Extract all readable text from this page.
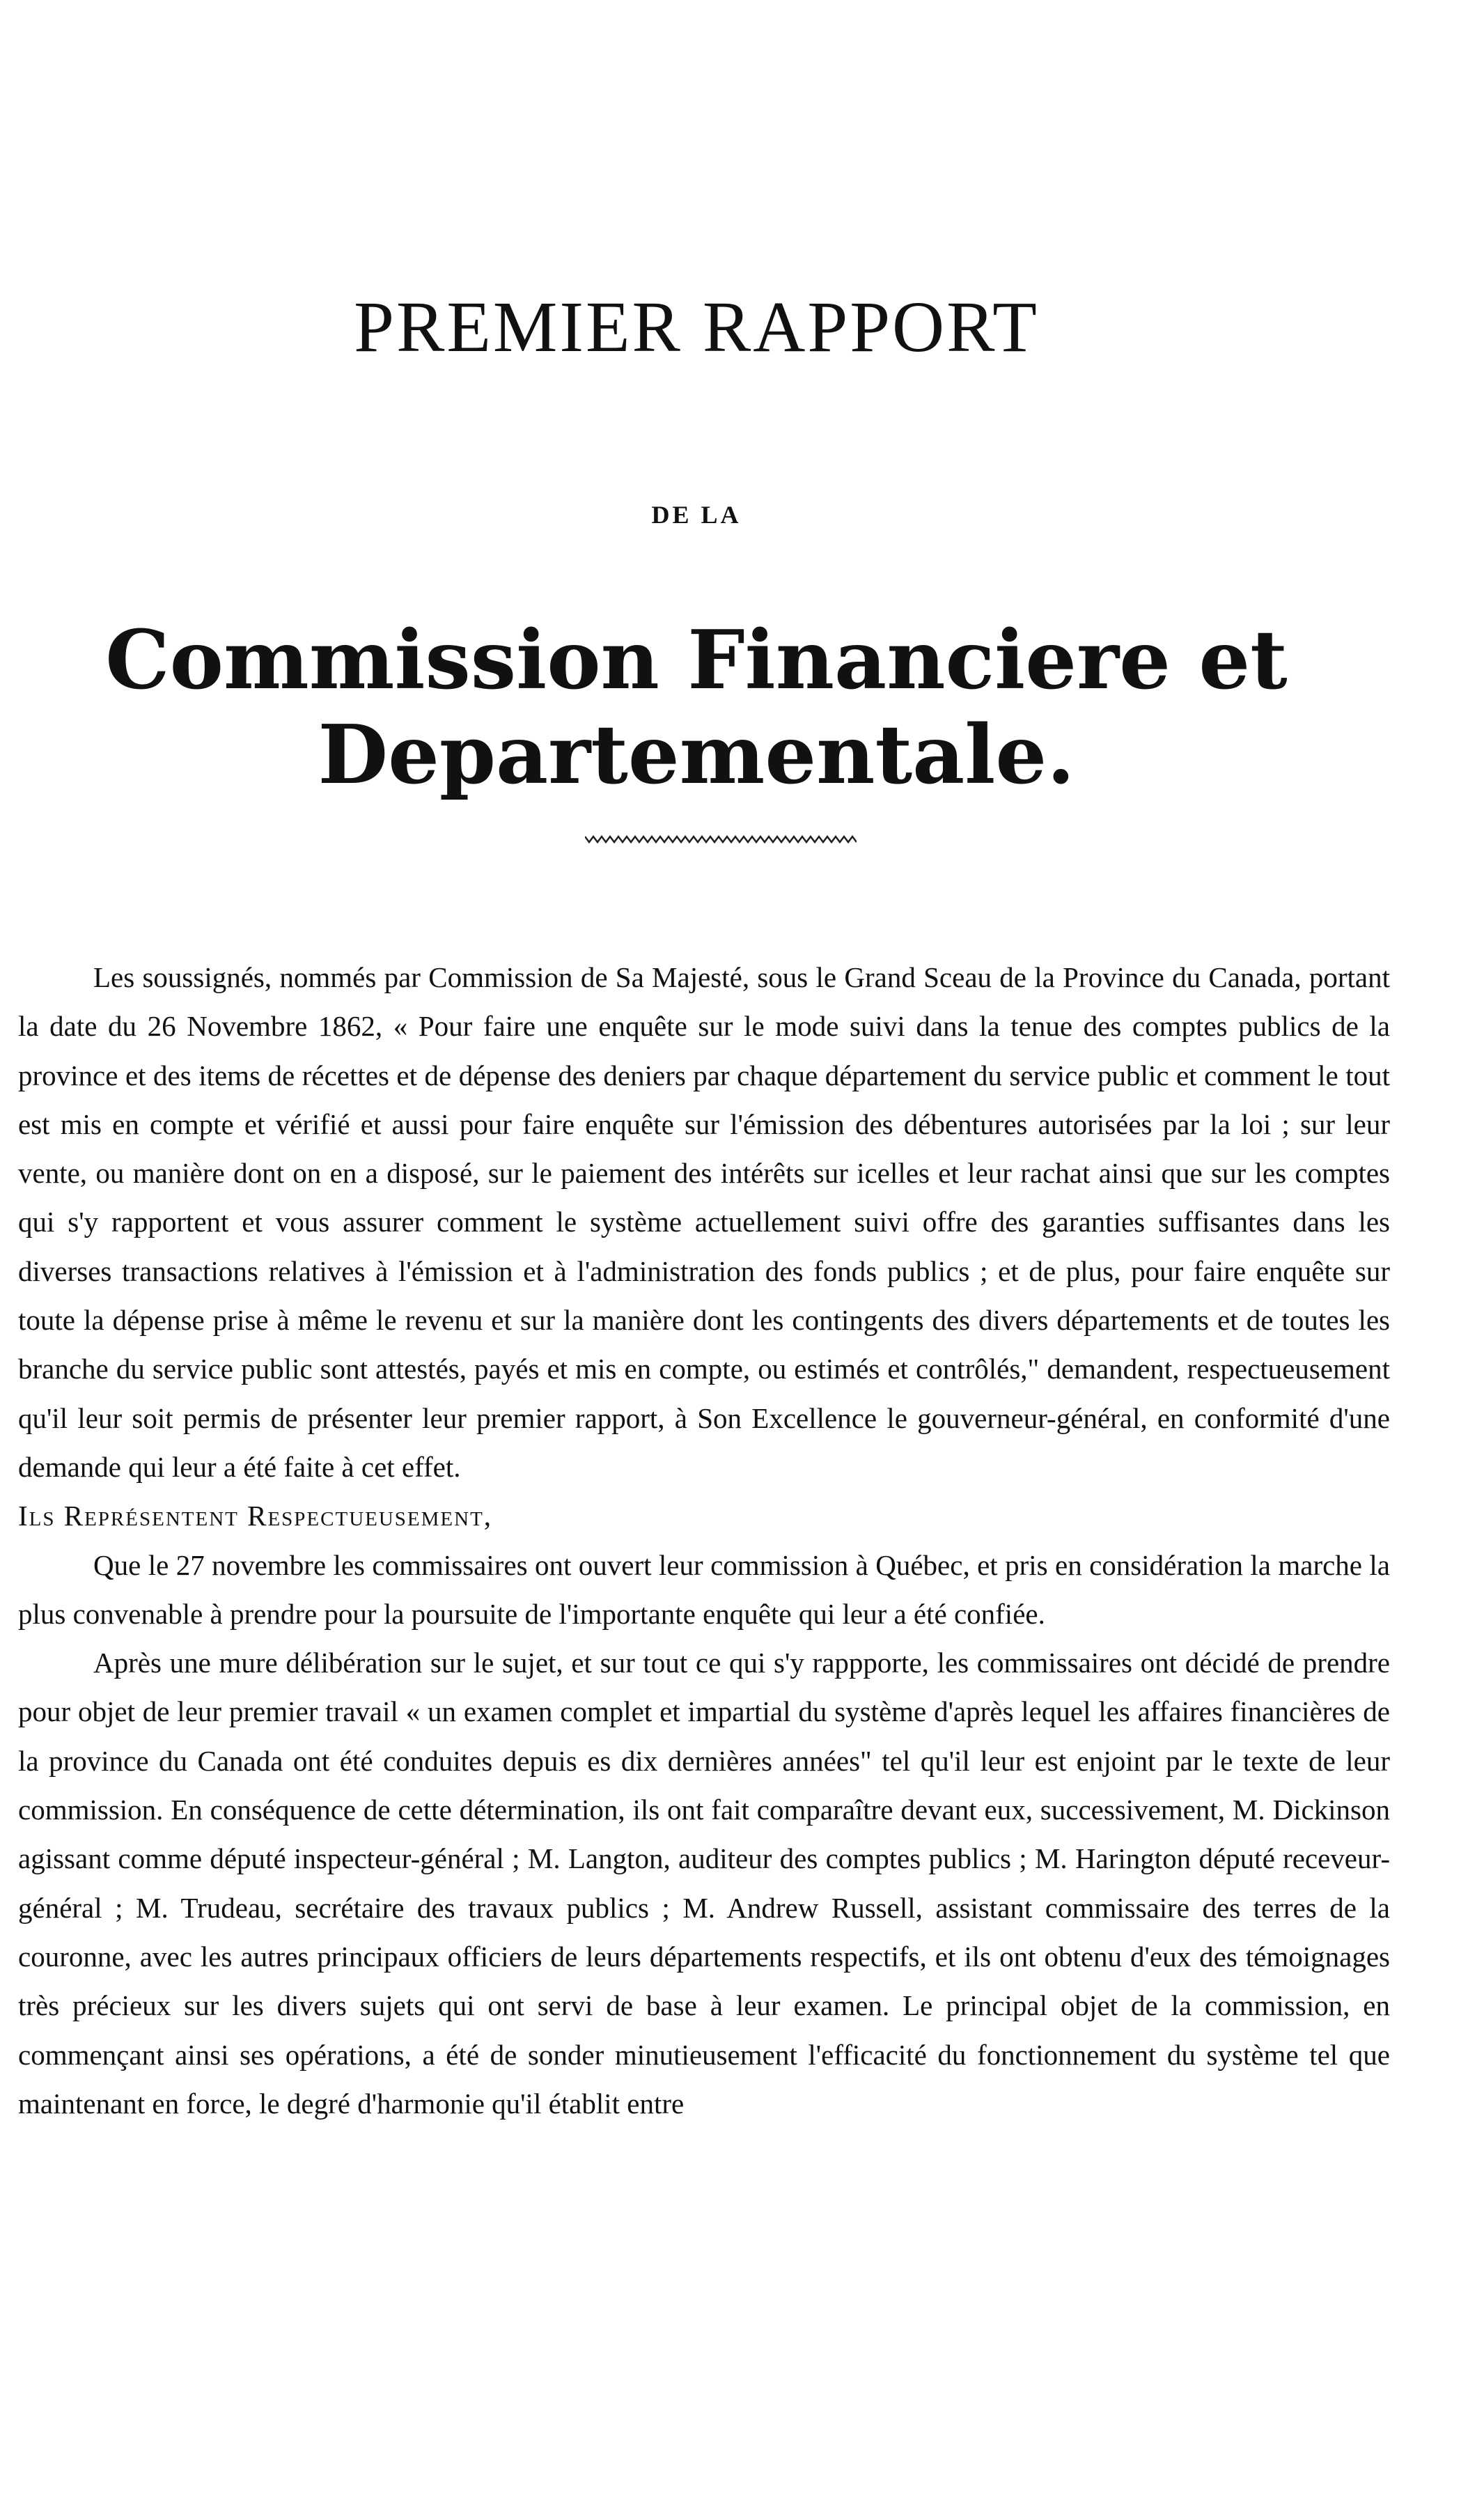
PREMIER RAPPORT
DE LA
Commission Financiere et Departementale.

Les soussignés, nommés par Commission de Sa Majesté, sous le Grand Sceau de la Province du Canada, portant la date du 26 Novembre 1862, « Pour faire une enquête sur le mode suivi dans la tenue des comptes publics de la province et des items de récettes et de dépense des deniers par chaque département du service public et comment le tout est mis en compte et vérifié et aussi pour faire enquête sur l'émission des débentures autorisées par la loi ; sur leur vente, ou manière dont on en a disposé, sur le paiement des intérêts sur icelles et leur rachat ainsi que sur les comptes qui s'y rapportent et vous assurer comment le système actuellement suivi offre des garanties suffisantes dans les diverses transactions relatives à l'émission et à l'administration des fonds publics ; et de plus, pour faire enquête sur toute la dépense prise à même le revenu et sur la manière dont les contingents des divers départements et de toutes les branche du service public sont attestés, payés et mis en compte, ou estimés et contrôlés," demandent, respectueusement qu'il leur soit permis de présenter leur premier rapport, à Son Excellence le gouverneur-général, en conformité d'une demande qui leur a été faite à cet effet.

Ils Représentent Respectueusement,

Que le 27 novembre les commissaires ont ouvert leur commission à Québec, et pris en considération la marche la plus convenable à prendre pour la poursuite de l'importante enquête qui leur a été confiée.

Après une mure délibération sur le sujet, et sur tout ce qui s'y rappporte, les commissaires ont décidé de prendre pour objet de leur premier travail « un examen complet et impartial du système d'après lequel les affaires financières de la province du Canada ont été conduites depuis es dix dernières années" tel qu'il leur est enjoint par le texte de leur commission. En conséquence de cette détermination, ils ont fait comparaître devant eux, successivement, M. Dickinson agissant comme député inspecteur-général ; M. Langton, auditeur des comptes publics ; M. Harington député receveur-général ; M. Trudeau, secrétaire des travaux publics ; M. Andrew Russell, assistant commissaire des terres de la couronne, avec les autres principaux officiers de leurs départements respectifs, et ils ont obtenu d'eux des témoignages très précieux sur les divers sujets qui ont servi de base à leur examen. Le principal objet de la commission, en commençant ainsi ses opérations, a été de sonder minutieusement l'efficacité du fonctionnement du système tel que maintenant en force, le degré d'harmonie qu'il établit entre
